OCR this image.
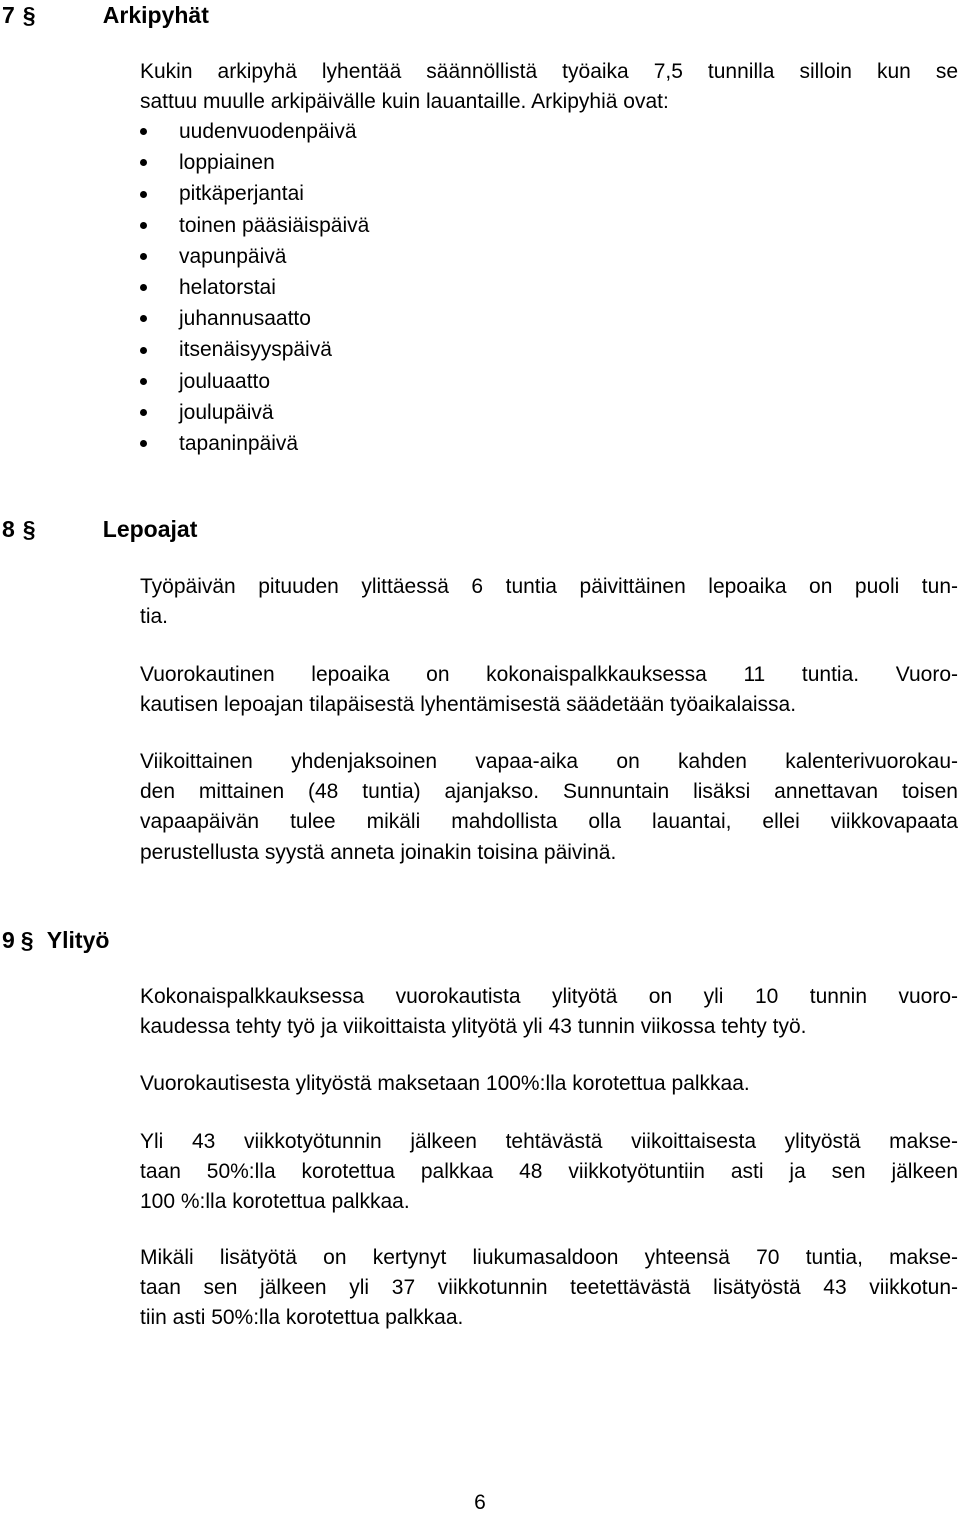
7 §	Arkipyhät

Kukin arkipyhä lyhentää säännöllistä työaika 7,5 tunnilla silloin kun se
sattuu muulle arkipäivälle kuin lauantaille. Arkipyhiä ovat:

uudenvuodenpäivä
loppiainen
pitkäperjantai
toinen pääsiäispäivä
vapunpäivä
helatorstai
juhannusaatto
itsenäisyyspäivä
jouluaatto
joulupäivä
tapaninpäivä
8 §	Lepoajat

Työpäivän pituuden ylittäessä 6 tuntia päivittäinen lepoaika on puoli tun-
tia.

Vuorokautinen lepoaika on kokonaispalkkauksessa 11 tuntia. Vuoro-
kautisen lepoajan tilapäisestä lyhentämisestä säädetään työaikalaissa.

Viikoittainen yhdenjaksoinen vapaa-aika on kahden kalenterivuorokau-
den mittainen (48 tuntia) ajanjakso. Sunnuntain lisäksi annettavan toisen
vapaapäivän tulee mikäli mahdollista olla lauantai, ellei viikkovapaata
perustellusta syystä anneta joinakin toisina päivinä.

9 § Ylityö

Kokonaispalkkauksessa vuorokautista ylityötä on yli 10 tunnin vuoro-
kaudessa tehty työ ja viikoittaista ylityötä yli 43 tunnin viikossa tehty työ.

Vuorokautisesta ylityöstä maksetaan 100%:lla korotettua palkkaa.

Yli 43 viikkotyötunnin jälkeen tehtävästä viikoittaisesta ylityöstä makse-
taan 50%:lla korotettua palkkaa 48 viikkotyötuntiin asti ja sen jälkeen
100 %:lla korotettua palkkaa.

Mikäli lisätyötä on kertynyt liukumasaldoon yhteensä 70 tuntia, makse-
taan sen jälkeen yli 37 viikkotunnin teetettävästä lisätyöstä 43 viikkotun-
tiin asti 50%:lla korotettua palkkaa.

6
